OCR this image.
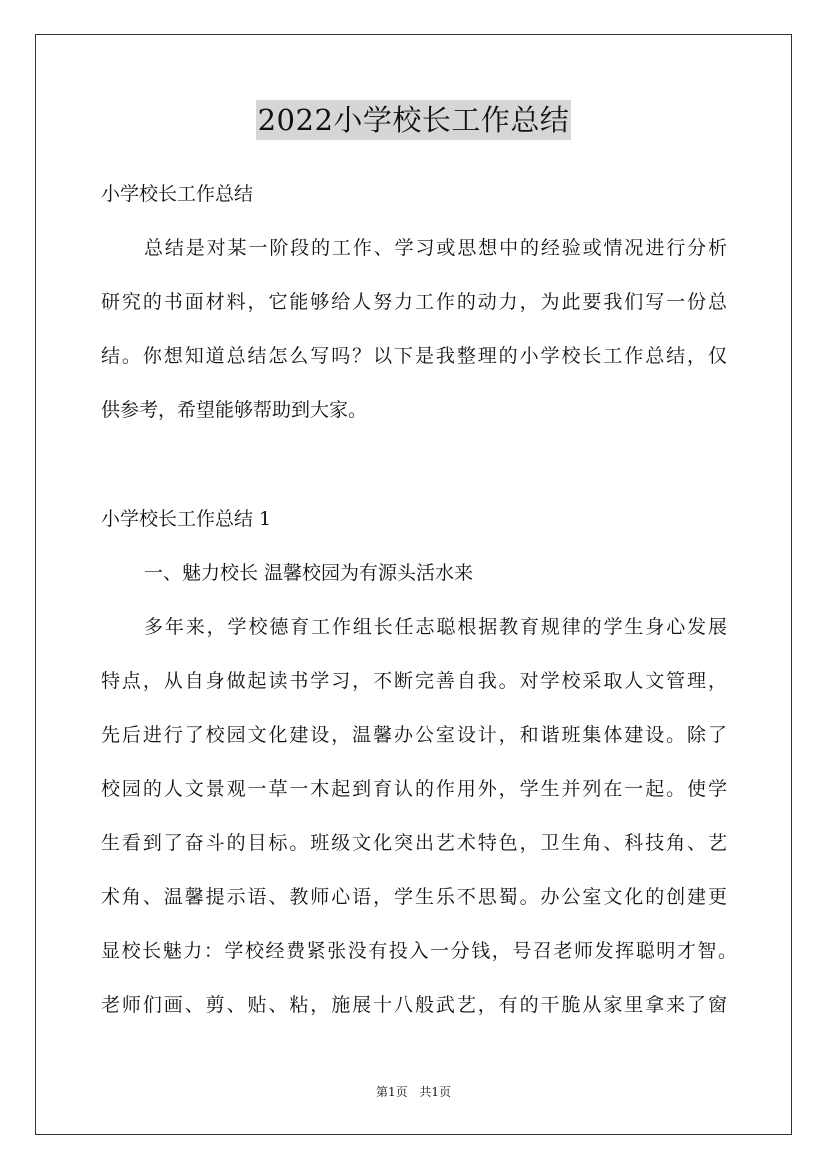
2022小学校长工作总结
小学校长工作总结
总结是对某一阶段的工作、学习或思想中的经验或情况进行分析
研究的书面材料，它能够给人努力工作的动力，为此要我们写一份总
结。你想知道总结怎么写吗？以下是我整理的小学校长工作总结，仅
供参考，希望能够帮助到大家。
小学校长工作总结 1
一、魅力校长 温馨校园为有源头活水来
多年来，学校德育工作组长任志聪根据教育规律的学生身心发展
特点，从自身做起读书学习，不断完善自我。对学校采取人文管理，
先后进行了校园文化建设，温馨办公室设计，和谐班集体建设。除了
校园的人文景观一草一木起到育认的作用外，学生并列在一起。使学
生看到了奋斗的目标。班级文化突出艺术特色，卫生角、科技角、艺
术角、温馨提示语、教师心语，学生乐不思蜀。办公室文化的创建更
显校长魅力：学校经费紧张没有投入一分钱，号召老师发挥聪明才智。
老师们画、剪、贴、粘，施展十八般武艺，有的干脆从家里拿来了窗
第1页 共1页
